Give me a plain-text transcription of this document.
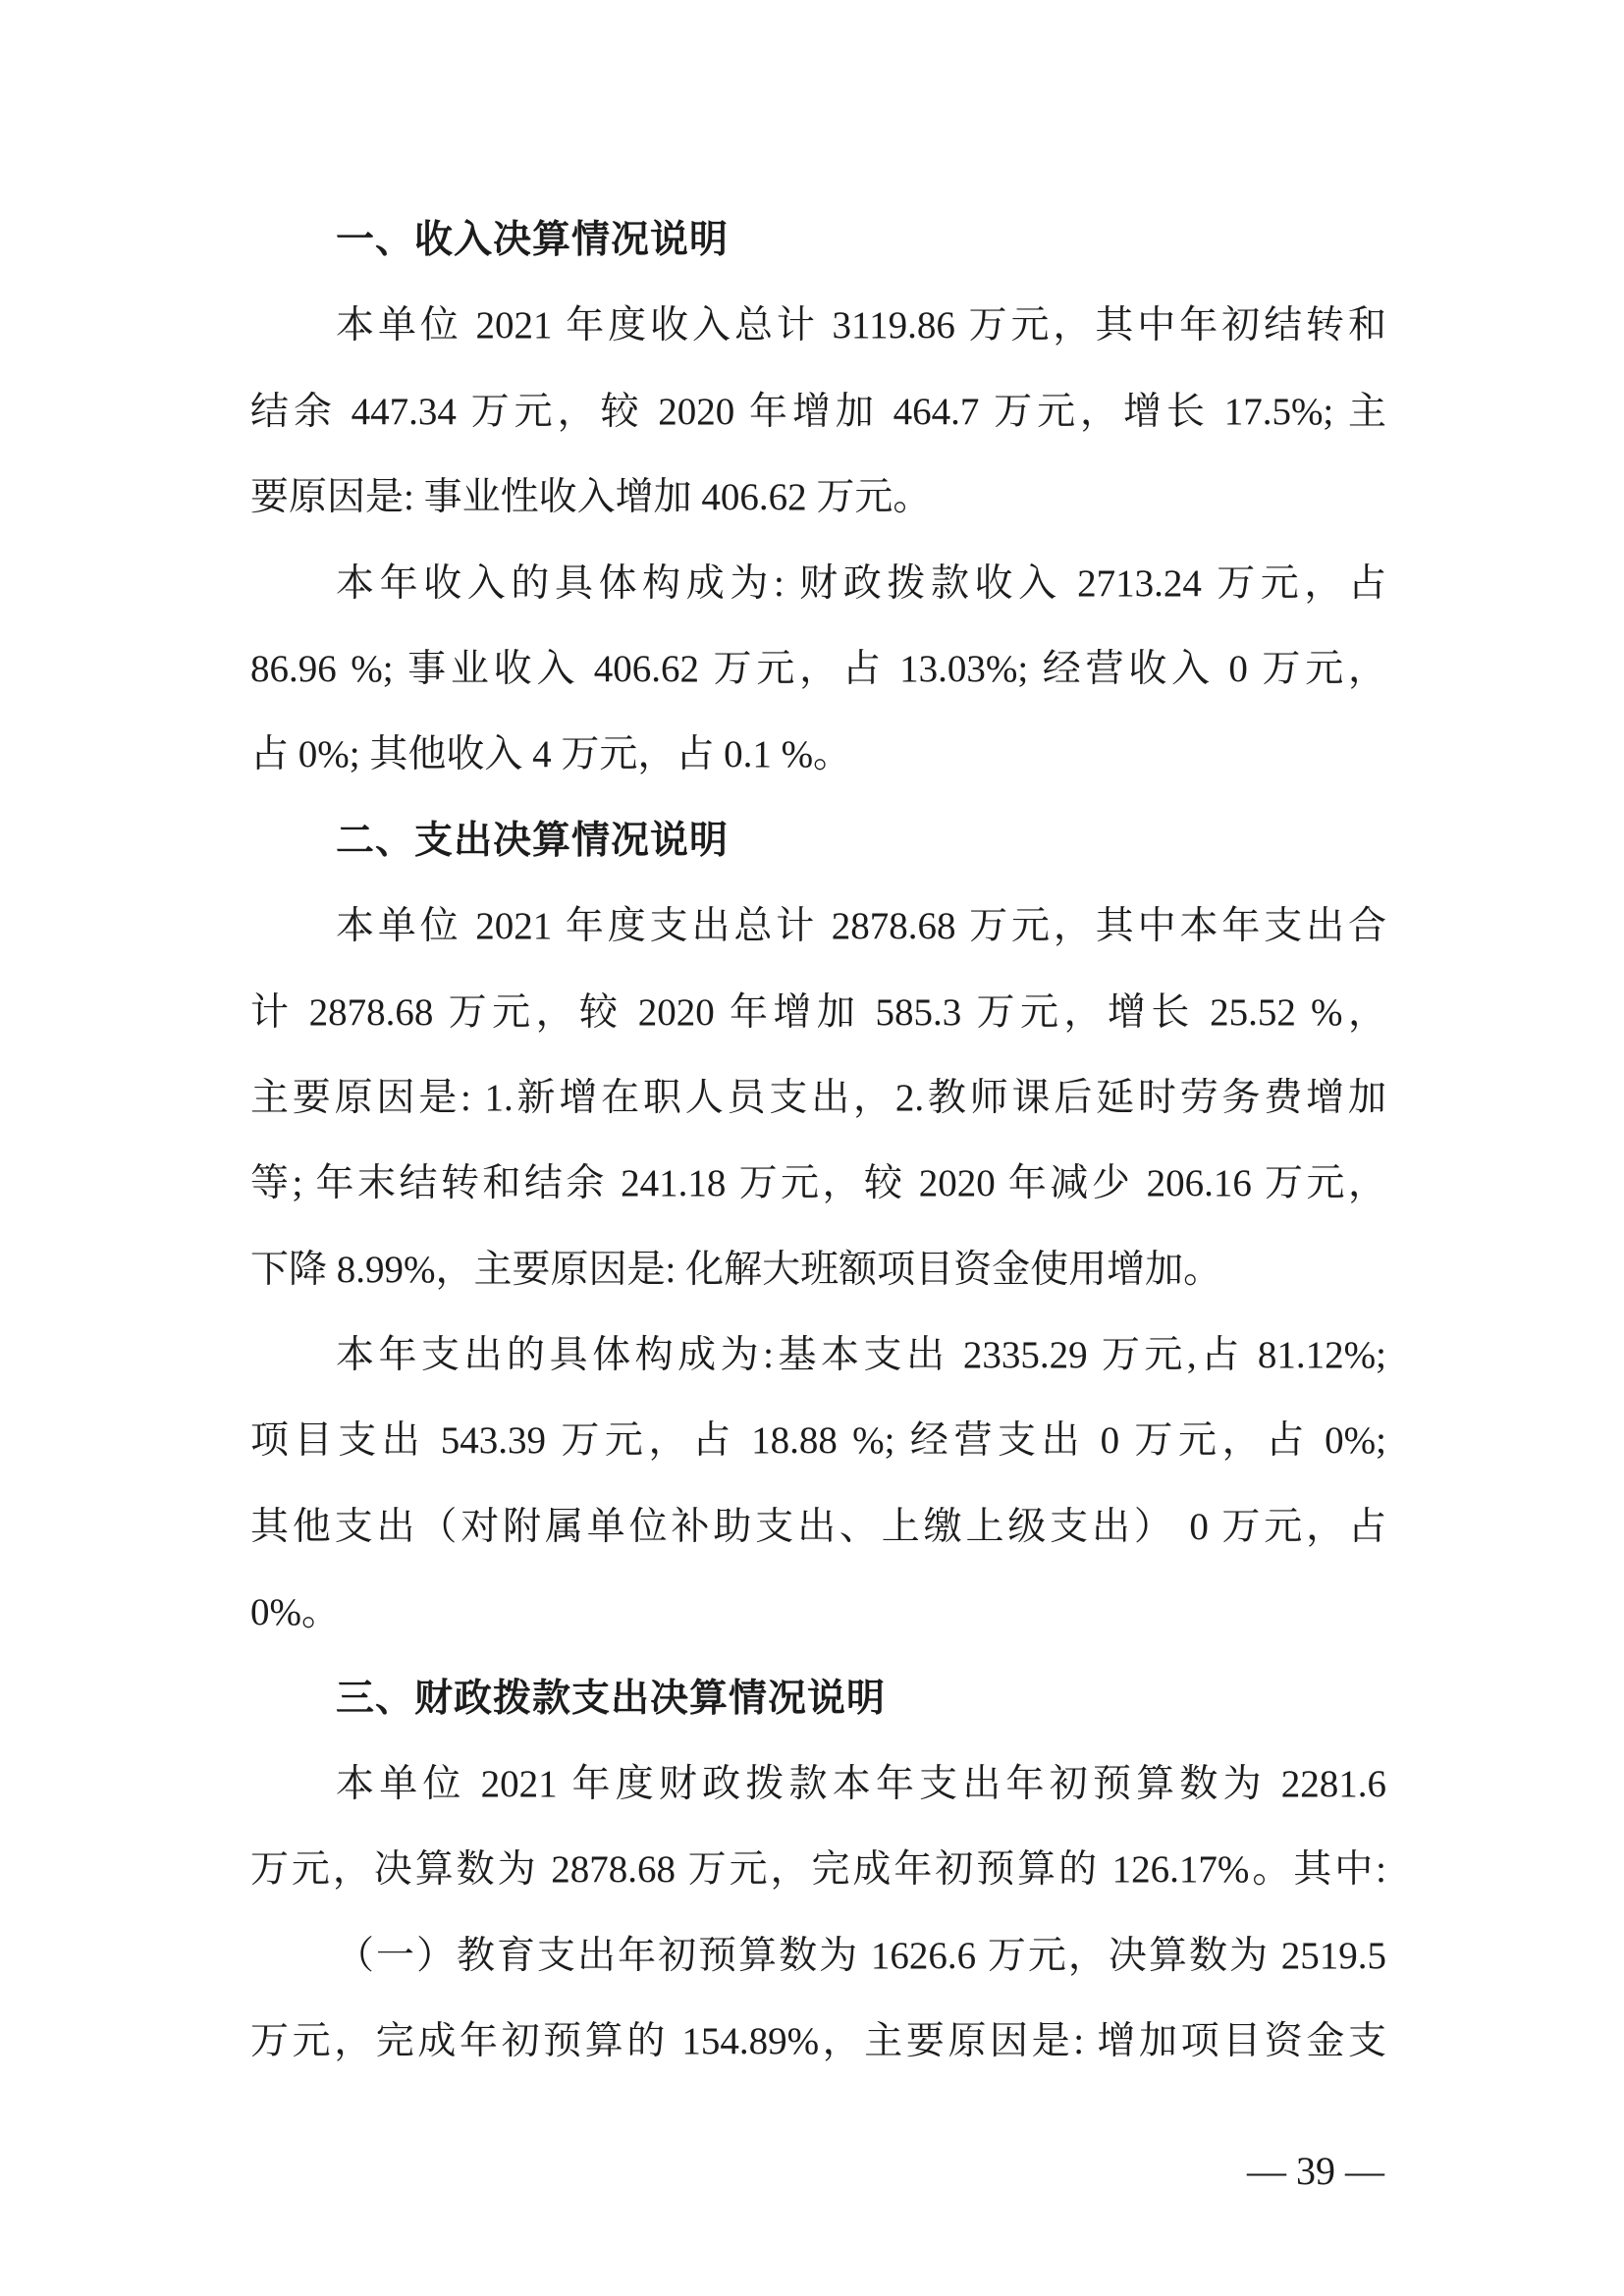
一、收入决算情况说明
本单位 2021 年度收入总计 3119.86 万元，其中年初结转和
结余 447.34 万元，较 2020 年增加 464.7 万元，增长 17.5%; 主
要原因是: 事业性收入增加 406.62 万元。
本年收入的具体构成为: 财政拨款收入 2713.24 万元，占
86.96 %; 事业收入 406.62 万元，占 13.03%; 经营收入 0 万元，
占 0%; 其他收入 4 万元，占 0.1 %。
二、支出决算情况说明
本单位 2021 年度支出总计 2878.68 万元，其中本年支出合
计 2878.68 万元，较 2020 年增加 585.3 万元，增长 25.52 %，
主要原因是: 1.新增在职人员支出，2.教师课后延时劳务费增加
等; 年末结转和结余 241.18 万元，较 2020 年减少 206.16 万元，
下降 8.99%，主要原因是: 化解大班额项目资金使用增加。
本年支出的具体构成为:基本支出 2335.29 万元,占 81.12%;
项目支出 543.39 万元，占 18.88 %; 经营支出 0 万元，占 0%;
其他支出（对附属单位补助支出、上缴上级支出） 0 万元，占
0%。
三、财政拨款支出决算情况说明
本单位 2021 年度财政拨款本年支出年初预算数为 2281.6
万元，决算数为 2878.68 万元，完成年初预算的 126.17%。其中:
（一）教育支出年初预算数为 1626.6 万元，决算数为 2519.5
万元，完成年初预算的 154.89%，主要原因是: 增加项目资金支
— 39 —
